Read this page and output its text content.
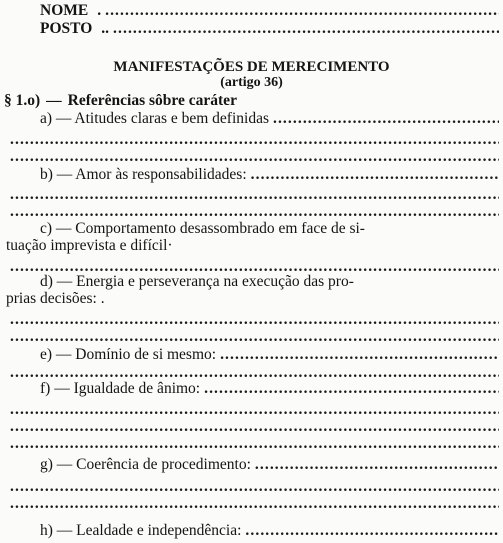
NOME .
.....
POSTO ..
.....
MANIFESTAÇÕES DE MERECIMENTO
(artigo 36)
§ 1.o) — Referências sôbre caráter
a) — Atitudes claras e bem definidas
.....
.....
.....
b) — Amor às responsabilidades:
.....
.....
.....
c) — Comportamento desassombrado em face de si-
tuação imprevista e difícil·
.....
d) — Energia e perseverança na execução das pro-
prias decisões: .
.....
.....
e) — Domínio de si mesmo:
.....
.....
f) — Igualdade de ânimo:
.....
.....
.....
.....
g) — Coerência de procedimento:
.....
.....
.....
h) — Lealdade e independência:
.....
